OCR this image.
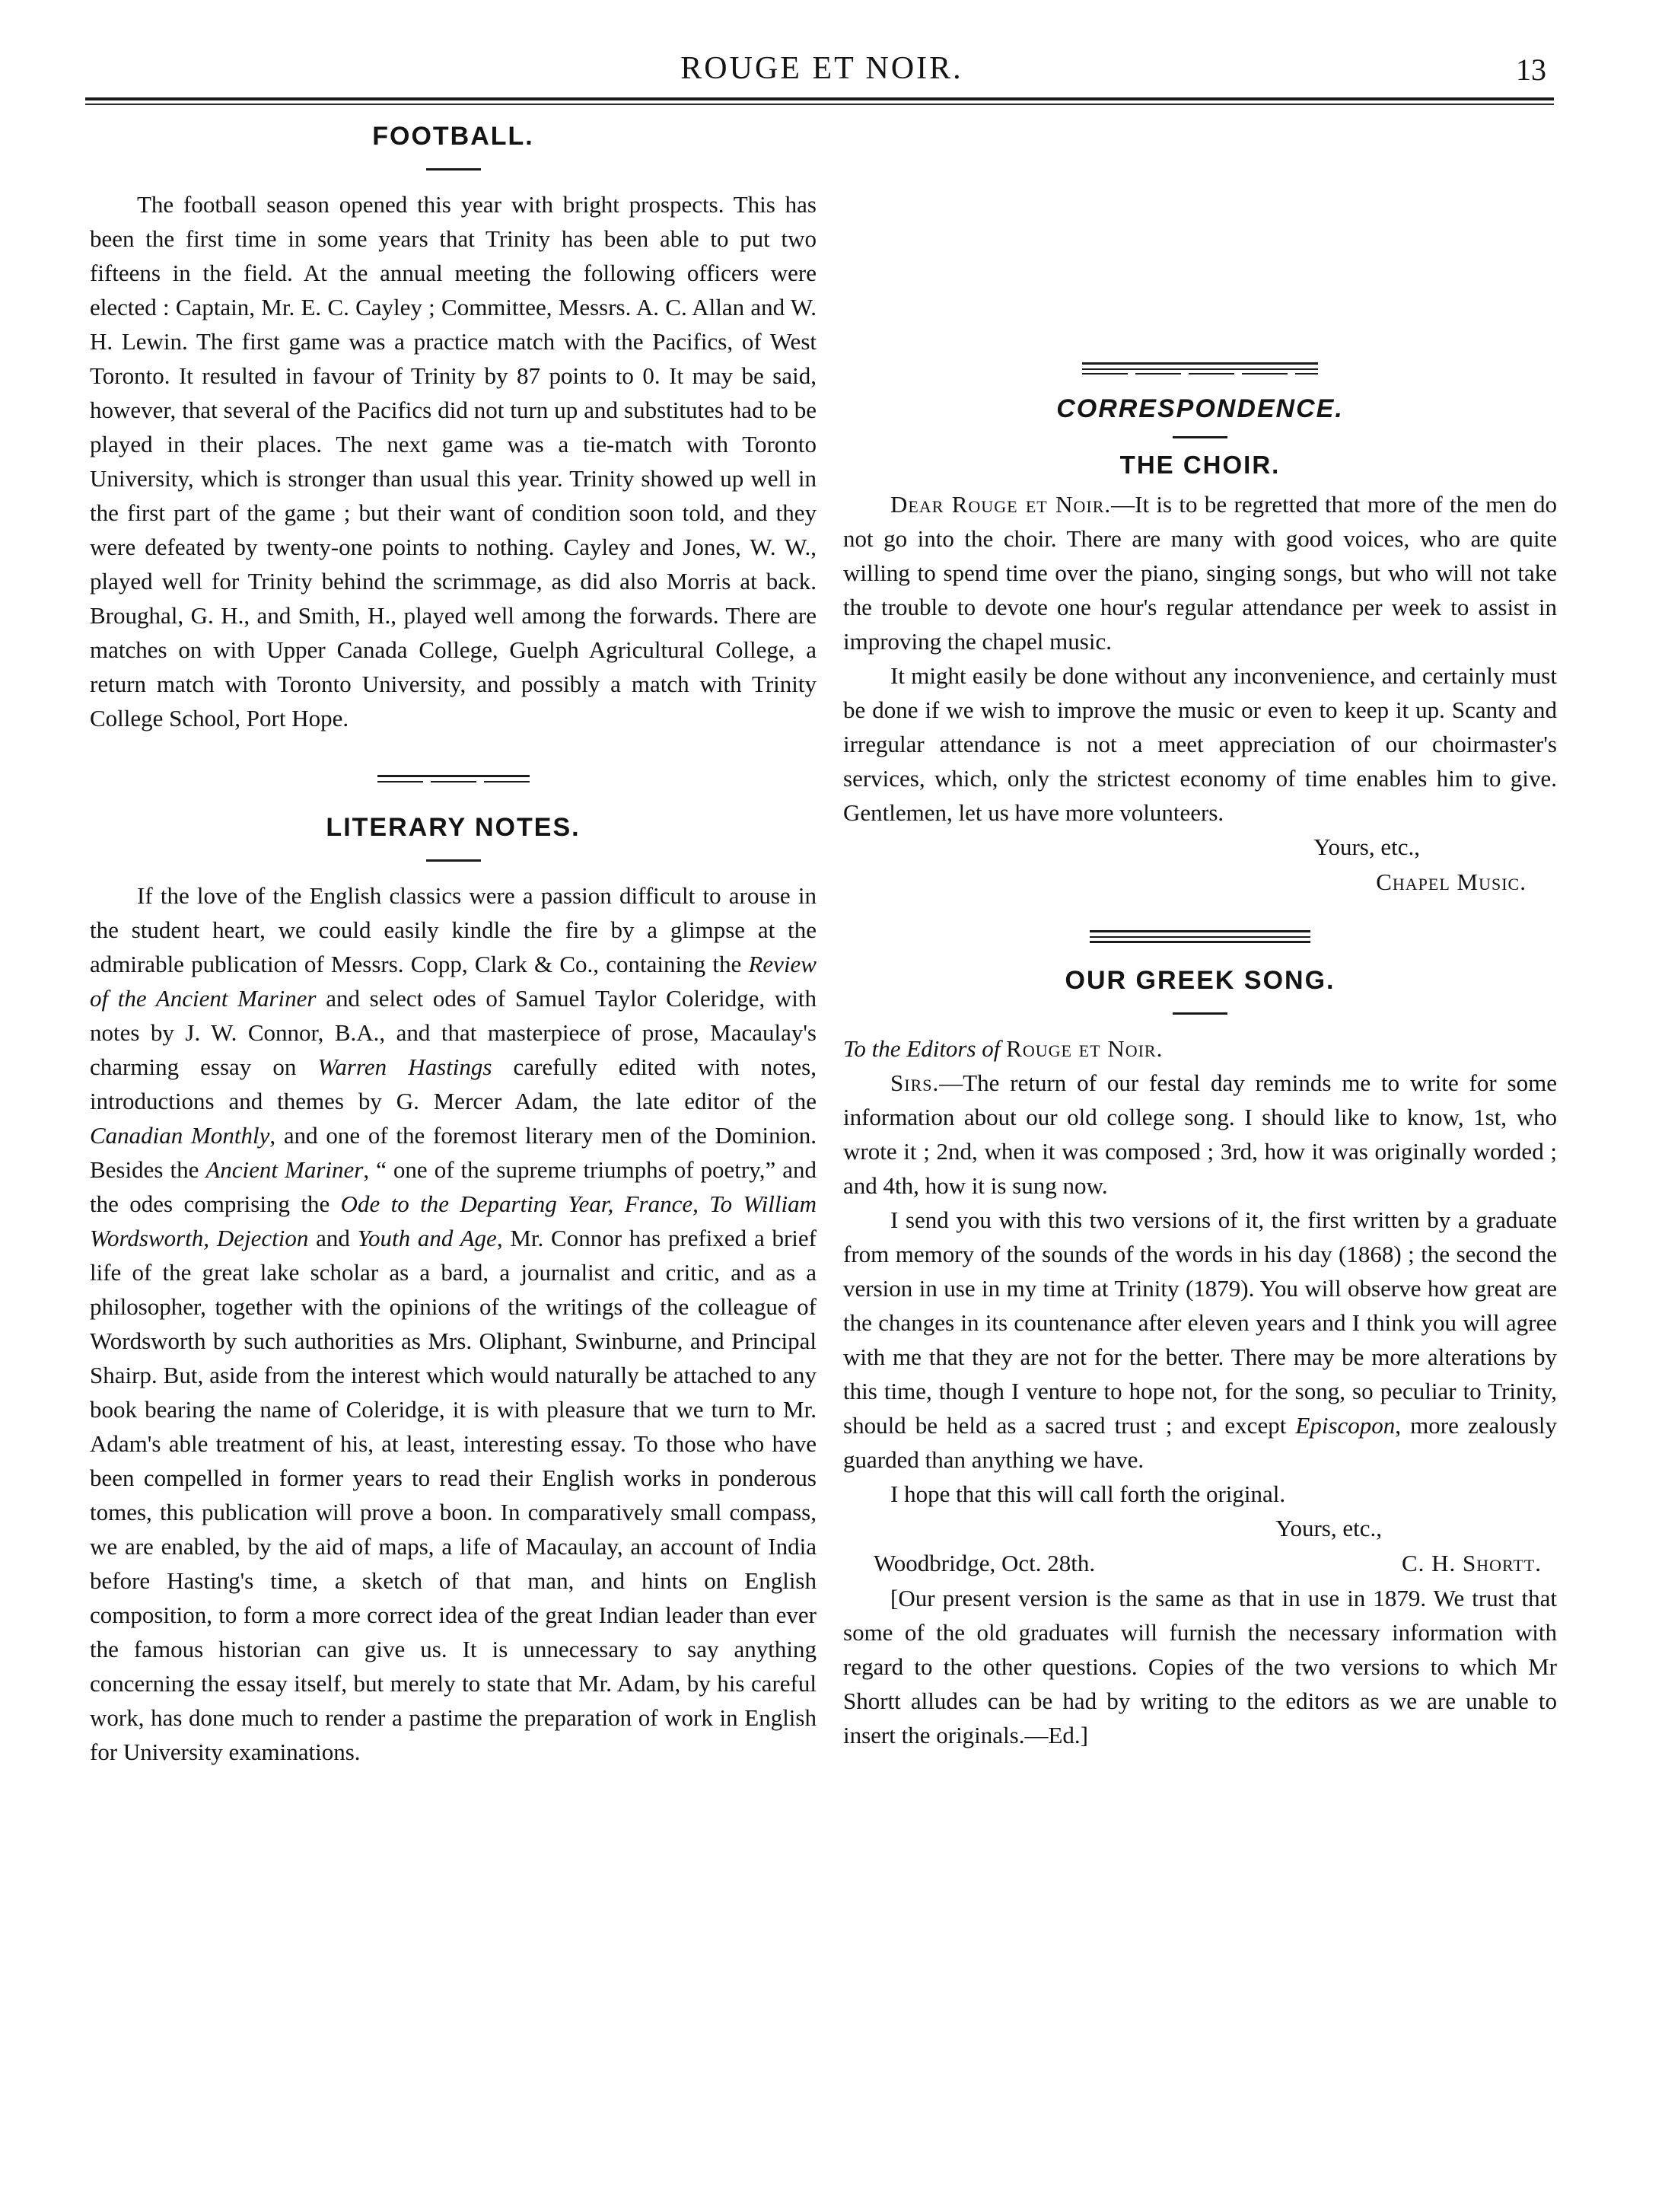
ROUGE ET NOIR.	13
FOOTBALL.

The football season opened this year with bright prospects. This has been the first time in some years that Trinity has been able to put two fifteens in the field. At the annual meeting the following officers were elected : Captain, Mr. E. C. Cayley ; Committee, Messrs. A. C. Allan and W. H. Lewin. The first game was a practice match with the Pacifics, of West Toronto. It resulted in favour of Trinity by 87 points to 0. It may be said, however, that several of the Pacifics did not turn up and substitutes had to be played in their places. The next game was a tie-match with Toronto University, which is stronger than usual this year. Trinity showed up well in the first part of the game ; but their want of condition soon told, and they were defeated by twenty-one points to nothing. Cayley and Jones, W. W., played well for Trinity behind the scrimmage, as did also Morris at back. Broughal, G. H., and Smith, H., played well among the forwards. There are matches on with Upper Canada College, Guelph Agricultural College, a return match with Toronto University, and possibly a match with Trinity College School, Port Hope.

LITERARY NOTES.

If the love of the English classics were a passion difficult to arouse in the student heart, we could easily kindle the fire by a glimpse at the admirable publication of Messrs. Copp, Clark & Co., containing the Review of the Ancient Mariner and select odes of Samuel Taylor Coleridge, with notes by J. W. Connor, B.A., and that masterpiece of prose, Macaulay's charming essay on Warren Hastings carefully edited with notes, introductions and themes by G. Mercer Adam, the late editor of the Canadian Monthly, and one of the foremost literary men of the Dominion. Besides the Ancient Mariner, “ one of the supreme triumphs of poetry,” and the odes comprising the Ode to the Departing Year, France, To William Wordsworth, Dejection and Youth and Age, Mr. Connor has prefixed a brief life of the great lake scholar as a bard, a journalist and critic, and as a philosopher, together with the opinions of the writings of the colleague of Wordsworth by such authorities as Mrs. Oliphant, Swinburne, and Principal Shairp. But, aside from the interest which would naturally be attached to any book bearing the name of Coleridge, it is with pleasure that we turn to Mr. Adam's able treatment of his, at least, interesting essay. To those who have been compelled in former years to read their English works in ponderous tomes, this publication will prove a boon. In comparatively small compass, we are enabled, by the aid of maps, a life of Macaulay, an account of India before Hasting's time, a sketch of that man, and hints on English composition, to form a more correct idea of the great Indian leader than ever the famous historian can give us. It is unnecessary to say anything concerning the essay itself, but merely to state that Mr. Adam, by his careful work, has done much to render a pastime the preparation of work in English for University examinations.

CORRESPONDENCE.
THE CHOIR.

Dear Rouge et Noir.—It is to be regretted that more of the men do not go into the choir. There are many with good voices, who are quite willing to spend time over the piano, singing songs, but who will not take the trouble to devote one hour's regular attendance per week to assist in improving the chapel music.

It might easily be done without any inconvenience, and certainly must be done if we wish to improve the music or even to keep it up. Scanty and irregular attendance is not a meet appreciation of our choirmaster's services, which, only the strictest economy of time enables him to give. Gentlemen, let us have more volunteers.

Yours, etc.,
Chapel Music.
OUR GREEK SONG.

To the Editors of Rouge et Noir.

Sirs.—The return of our festal day reminds me to write for some information about our old college song. I should like to know, 1st, who wrote it ; 2nd, when it was composed ; 3rd, how it was originally worded ; and 4th, how it is sung now.

I send you with this two versions of it, the first written by a graduate from memory of the sounds of the words in his day (1868) ; the second the version in use in my time at Trinity (1879). You will observe how great are the changes in its countenance after eleven years and I think you will agree with me that they are not for the better. There may be more alterations by this time, though I venture to hope not, for the song, so peculiar to Trinity, should be held as a sacred trust ; and except Episcopon, more zealously guarded than anything we have.

I hope that this will call forth the original.

Yours, etc.,
Woodbridge, Oct. 28th.	C. H. Shortt.

[Our present version is the same as that in use in 1879. We trust that some of the old graduates will furnish the necessary information with regard to the other questions. Copies of the two versions to which Mr Shortt alludes can be had by writing to the editors as we are unable to insert the originals.—Ed.]
